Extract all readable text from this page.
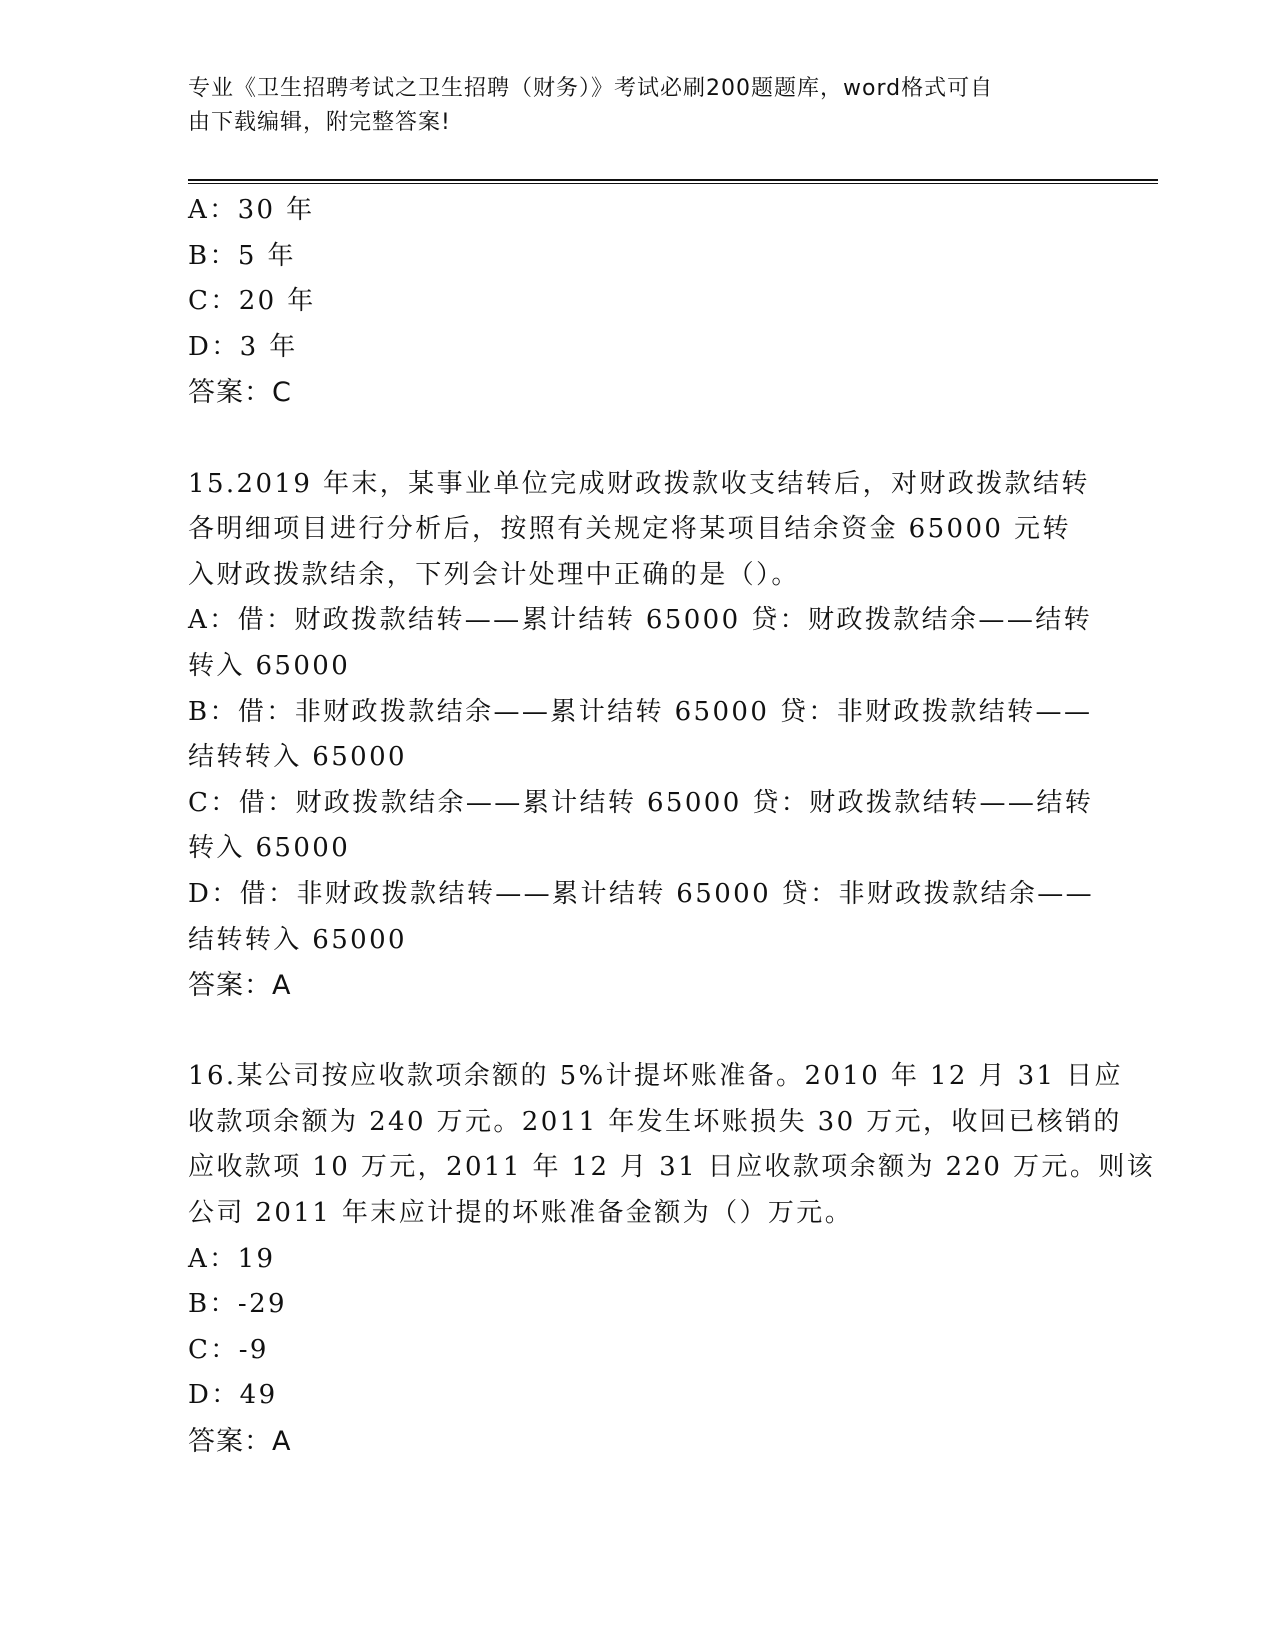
专业《卫生招聘考试之卫生招聘（财务）》考试必刷200题题库，word格式可自
由下载编辑，附完整答案!
A：30 年
B：5 年
C：20 年
D：3 年
答案：C
15.2019 年末，某事业单位完成财政拨款收支结转后，对财政拨款结转
各明细项目进行分析后，按照有关规定将某项目结余资金 65000 元转
入财政拨款结余，下列会计处理中正确的是（）。
A：借：财政拨款结转——累计结转 65000 贷：财政拨款结余——结转
转入 65000
B：借：非财政拨款结余——累计结转 65000 贷：非财政拨款结转——
结转转入 65000
C：借：财政拨款结余——累计结转 65000 贷：财政拨款结转——结转
转入 65000
D：借：非财政拨款结转——累计结转 65000 贷：非财政拨款结余——
结转转入 65000
答案：A
16.某公司按应收款项余额的 5%计提坏账准备。2010 年 12 月 31 日应
收款项余额为 240 万元。2011 年发生坏账损失 30 万元，收回已核销的
应收款项 10 万元，2011 年 12 月 31 日应收款项余额为 220 万元。则该
公司 2011 年末应计提的坏账准备金额为（）万元。
A：19
B：-29
C：-9
D：49
答案：A
